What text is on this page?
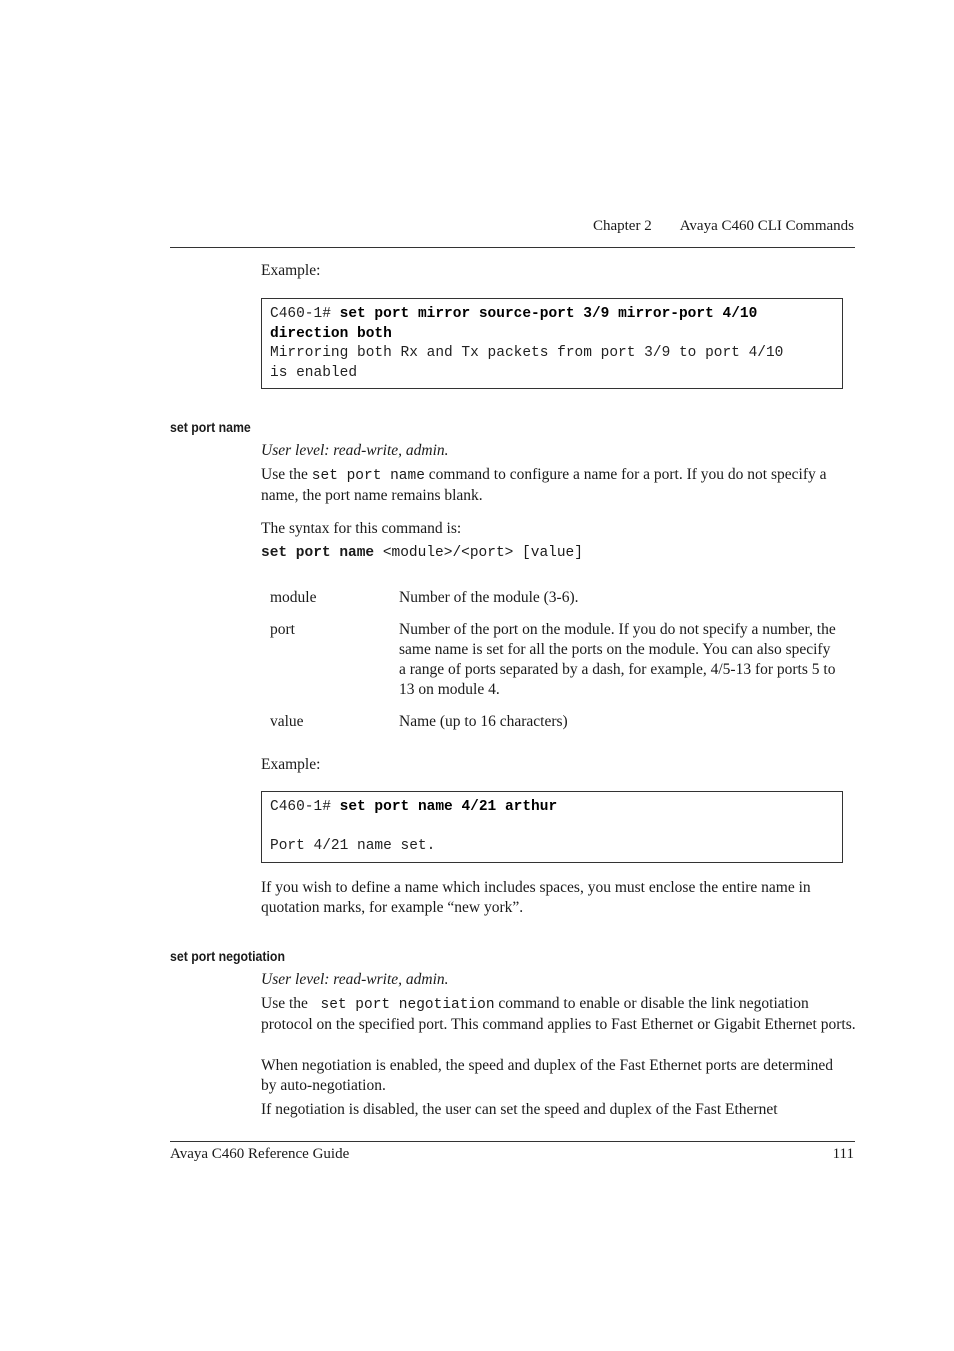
Chapter 2 Avaya C460 CLI Commands
Example:
C460-1# set port mirror source-port 3/9 mirror-port 4/10
direction both
Mirroring both Rx and Tx packets from port 3/9 to port 4/10
is enabled
set port name
User level: read-write, admin.
Use the set port name command to configure a name for a port. If you do not specify a name, the port name remains blank.
The syntax for this command is:
set port name <module>/<port> [value]
module	Number of the module (3-6).
port	Number of the port on the module. If you do not specify a number, the same name is set for all the ports on the module. You can also specify a range of ports separated by a dash, for example, 4/5-13 for ports 5 to 13 on module 4.
value	Name (up to 16 characters)
Example:
C460-1# set port name 4/21 arthur

Port 4/21 name set.
If you wish to define a name which includes spaces, you must enclose the entire name in quotation marks, for example “new york”.
set port negotiation
User level: read-write, admin.
Use the  set port negotiation command to enable or disable the link negotiation protocol on the specified port. This command applies to Fast Ethernet or Gigabit Ethernet ports.
When negotiation is enabled, the speed and duplex of the Fast Ethernet ports are determined by auto-negotiation.
If negotiation is disabled, the user can set the speed and duplex of the Fast Ethernet
Avaya C460 Reference Guide	111
